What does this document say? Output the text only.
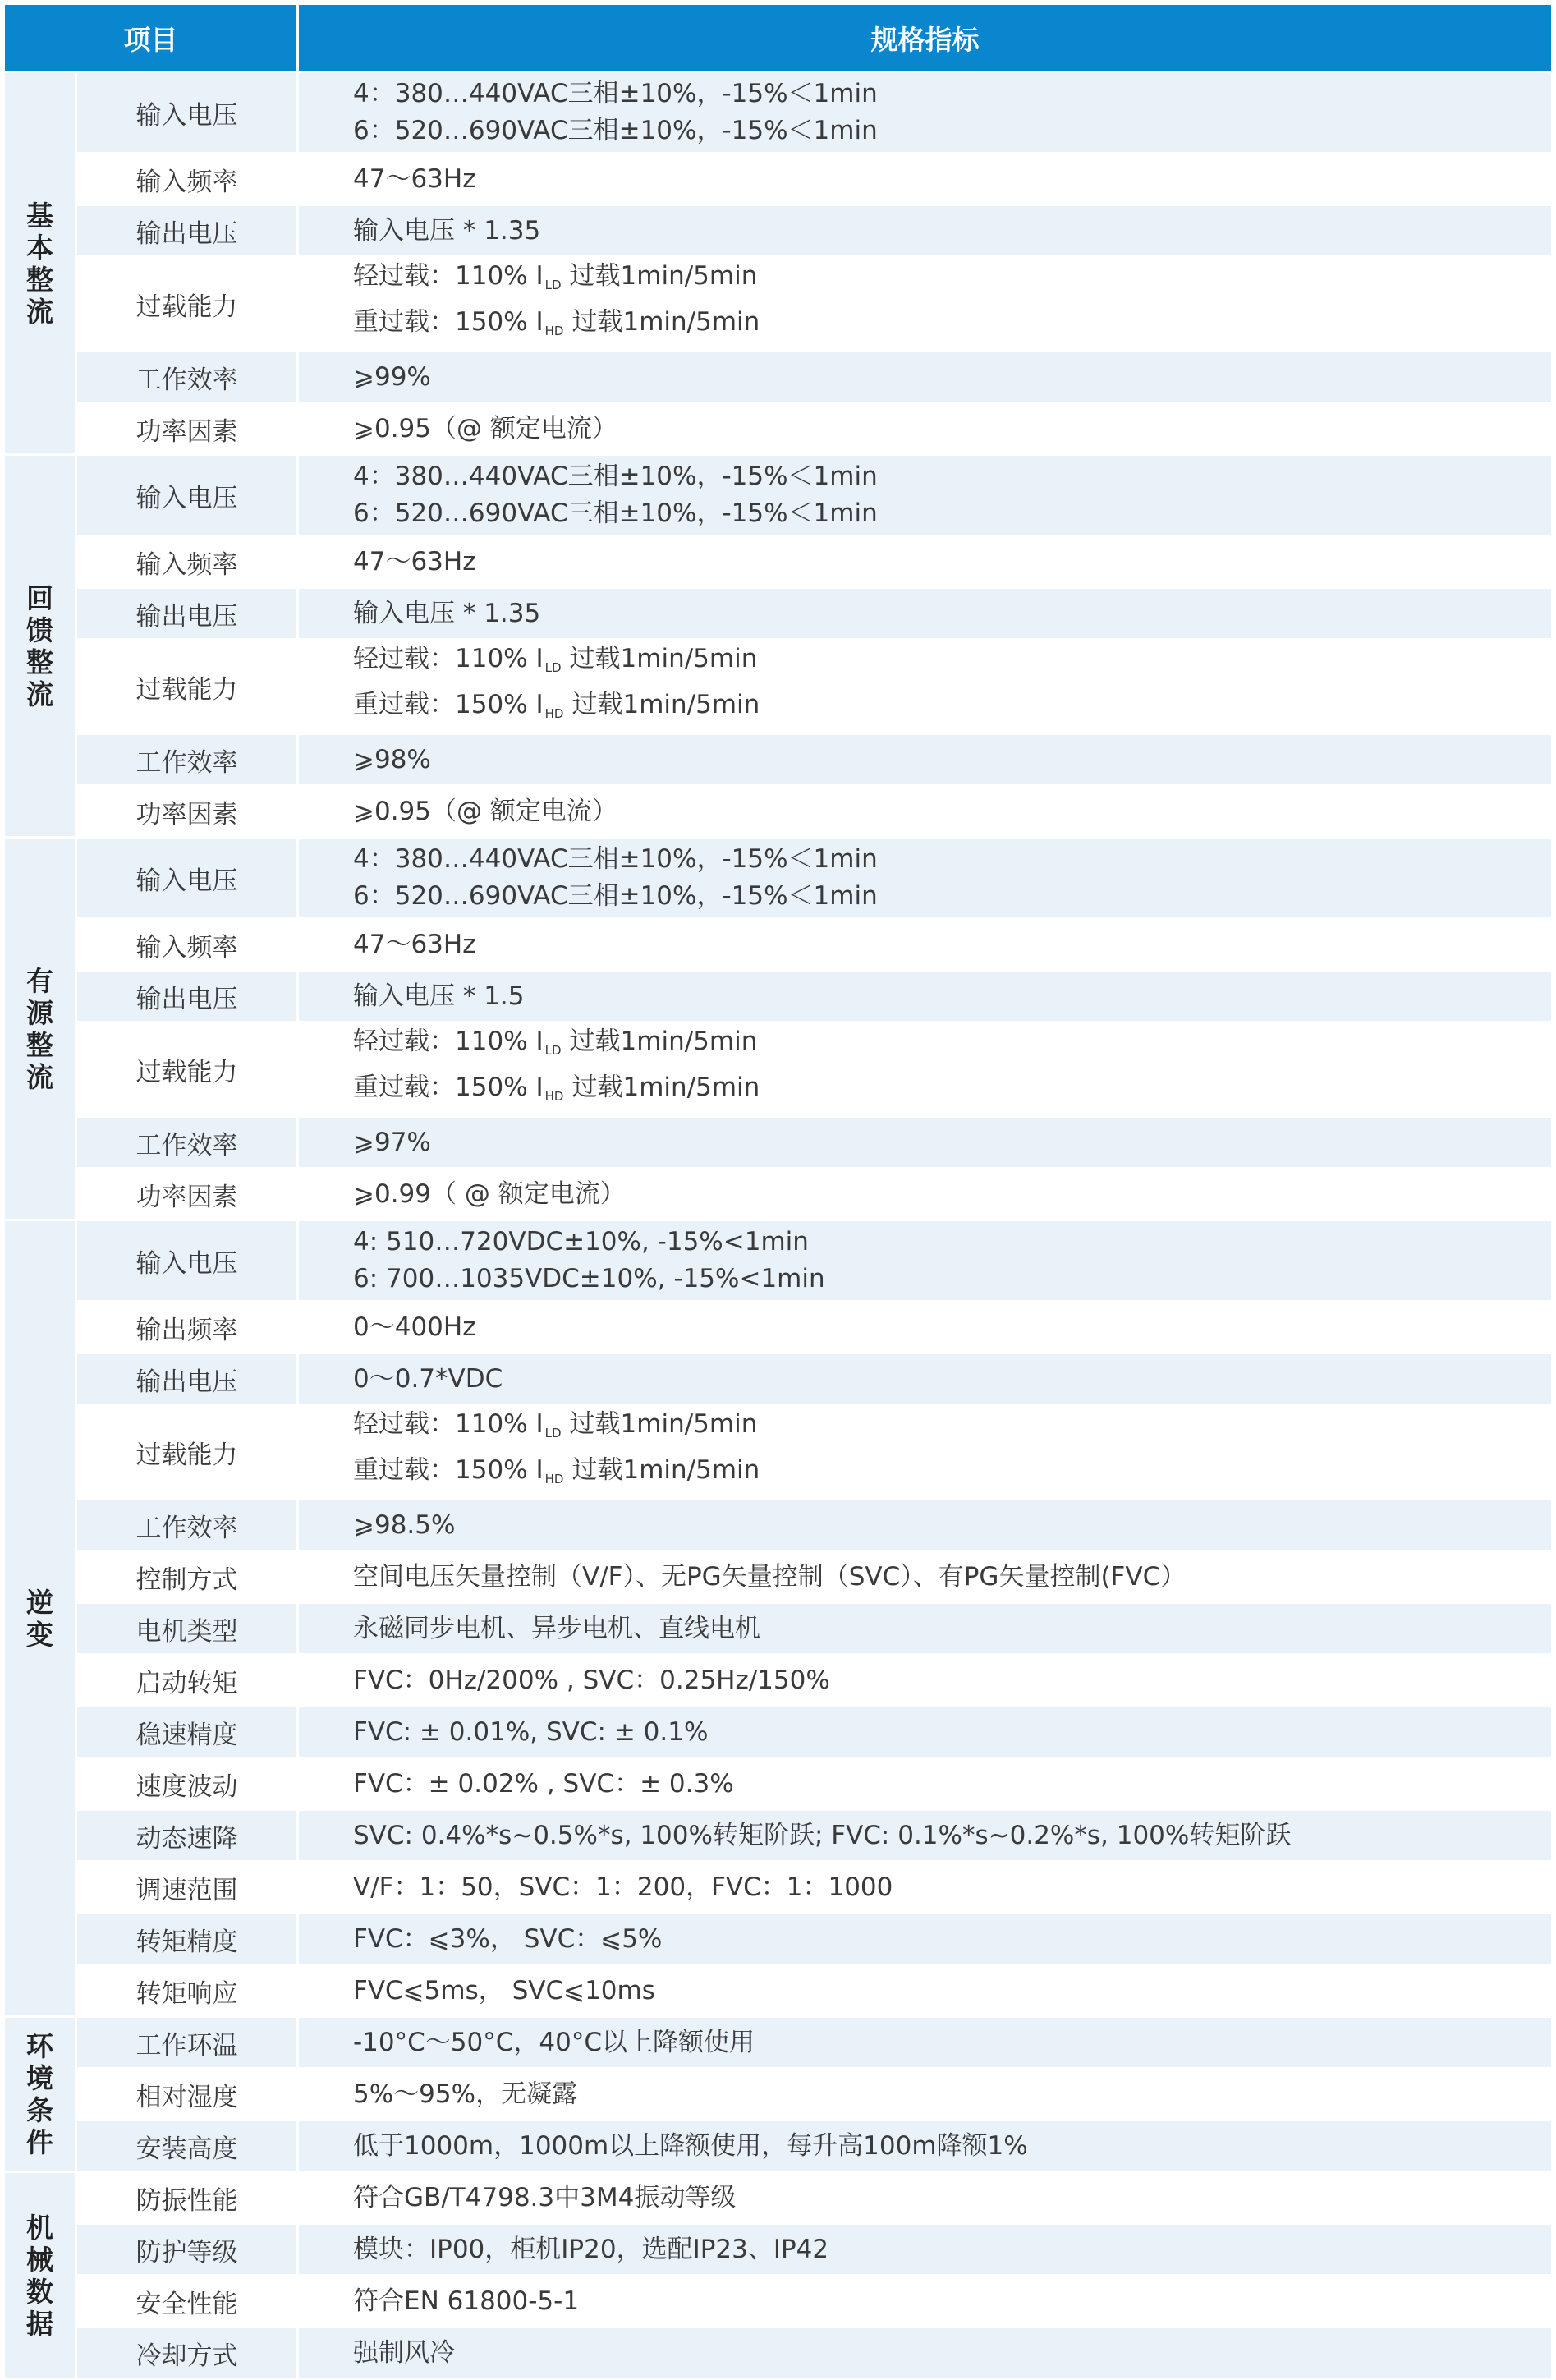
项目		规格指标

基
本
整
流	输入电压	4：380…440VAC三相±10%，-15%＜1min
6：520…690VAC三相±10%，-15%＜1min

	输入频率	47～63Hz

	输出电压	输入电压 * 1.35

	过载能力	轻过载：110% I $_{LD}$ 过载1min/5min
重过载：150% I $_{HD}$ 过载1min/5min

	工作效率	⩾99%

	功率因素	⩾0.95（@ 额定电流）

回
馈
整
流	输入电压	4：380…440VAC三相±10%，-15%＜1min
6：520…690VAC三相±10%，-15%＜1min

	输入频率	47～63Hz

	输出电压	输入电压 * 1.35

	过载能力	轻过载：110% I $_{LD}$ 过载1min/5min
重过载：150% I $_{HD}$ 过载1min/5min

	工作效率	⩾98%

	功率因素	⩾0.95（@ 额定电流）

有
源
整
流	输入电压	4：380…440VAC三相±10%，-15%＜1min
6：520…690VAC三相±10%，-15%＜1min

	输入频率	47～63Hz

	输出电压	输入电压 * 1.5

	过载能力	轻过载：110% I $_{LD}$ 过载1min/5min
重过载：150% I $_{HD}$ 过载1min/5min

	工作效率	⩾97%

	功率因素	⩾0.99（ @ 额定电流）

逆
变	输入电压	4: 510…720VDC±10%, -15%<1min
6: 700…1035VDC±10%, -15%<1min

	输出频率	0～400Hz

	输出电压	0～0.7*VDC

	过载能力	轻过载：110% I $_{LD}$ 过载1min/5min
重过载：150% I $_{HD}$ 过载1min/5min

	工作效率	⩾98.5%

	控制方式	空间电压矢量控制（V/F）、无PG矢量控制（SVC）、有PG矢量控制(FVC）

	电机类型	永磁同步电机、异步电机、直线电机

	启动转矩	FVC：0Hz/200% , SVC：0.25Hz/150%

	稳速精度	FVC: ± 0.01%, SVC: ± 0.1%

	速度波动	FVC：± 0.02% , SVC：± 0.3%

	动态速降	SVC: 0.4%*s~0.5%*s, 100%转矩阶跃; FVC: 0.1%*s~0.2%*s, 100%转矩阶跃

	调速范围	V/F：1：50，SVC：1：200，FVC：1：1000

	转矩精度	FVC：⩽3%， SVC：⩽5%

	转矩响应	FVC⩽5ms， SVC⩽10ms

环
境
条
件	工作环温	-10°C～50°C，40°C以上降额使用

	相对湿度	5%～95%，无凝露

	安装高度	低于1000m，1000m以上降额使用，每升高100m降额1%

机
械
数
据	防振性能	符合GB/T4798.3中3M4振动等级

	防护等级	模块：IP00，柜机IP20，选配IP23、IP42

	安全性能	符合EN 61800-5-1

	冷却方式	强制风冷
